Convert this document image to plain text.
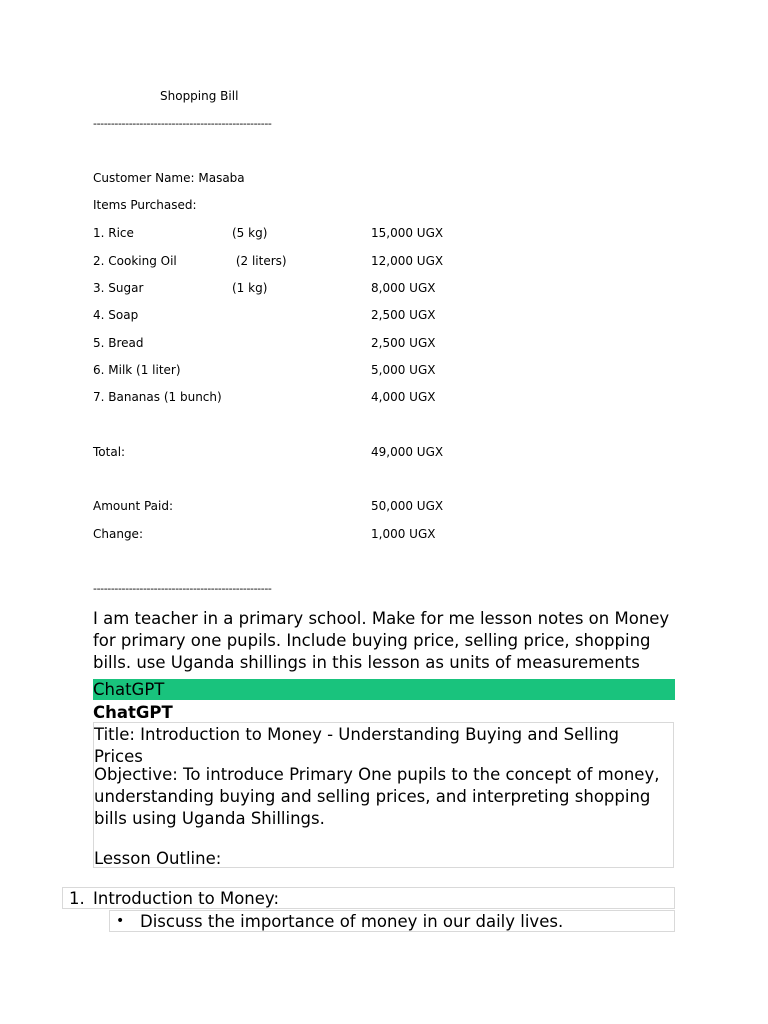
Shopping Bill
--------------------------------------------------
Customer Name: Masaba
Items Purchased:
1. Rice	(5 kg)	15,000 UGX
2. Cooking Oil	(2 liters)	12,000 UGX
3. Sugar	(1 kg)	8,000 UGX
4. Soap	2,500 UGX
5. Bread	2,500 UGX
6. Milk (1 liter)	5,000 UGX
7. Bananas (1 bunch)	4,000 UGX
Total:	49,000 UGX
Amount Paid:	50,000 UGX
Change:	1,000 UGX
--------------------------------------------------
I am teacher in a primary school. Make for me lesson notes on Money for primary one pupils. Include buying price, selling price, shopping bills. use Uganda shillings in this lesson as units of measurements
ChatGPT
ChatGPT

Title: Introduction to Money - Understanding Buying and Selling Prices

Objective: To introduce Primary One pupils to the concept of money, understanding buying and selling prices, and interpreting shopping bills using Uganda Shillings.

Lesson Outline:

1. Introduction to Money:
• Discuss the importance of money in our daily lives.
